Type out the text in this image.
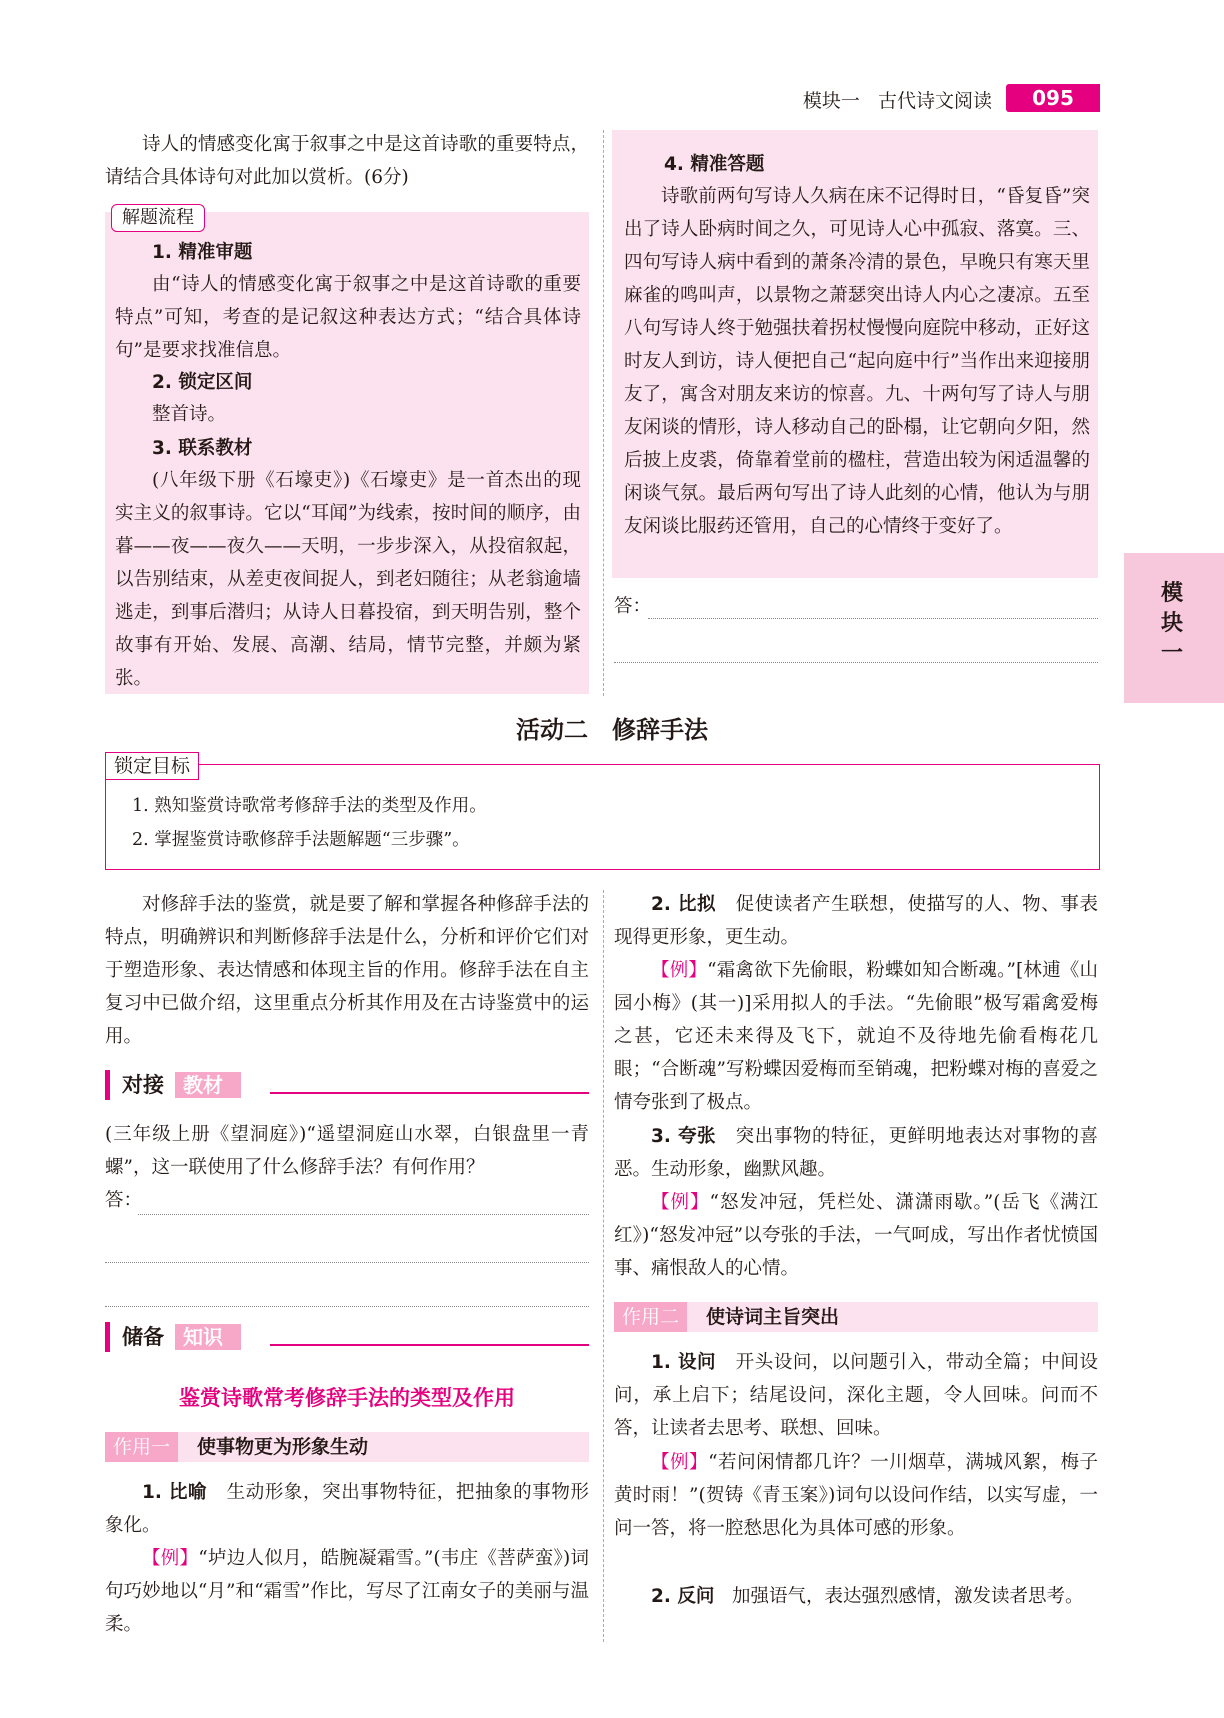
模块一 古代诗文阅读	095
模块一

诗人的情感变化寓于叙事之中是这首诗歌的重要特点，请结合具体诗句对此加以赏析。(6分)

解题流程

1. 精准审题

由“诗人的情感变化寓于叙事之中是这首诗歌的重要特点”可知，考查的是记叙这种表达方式；“结合具体诗句”是要求找准信息。

2. 锁定区间

整首诗。

3. 联系教材

(八年级下册《石壕吏》)《石壕吏》是一首杰出的现实主义的叙事诗。它以“耳闻”为线索，按时间的顺序，由暮——夜——夜久——天明，一步步深入，从投宿叙起，以告别结束，从差吏夜间捉人，到老妇随往；从老翁逾墙逃走，到事后潜归；从诗人日暮投宿，到天明告别，整个故事有开始、发展、高潮、结局，情节完整，并颇为紧张。

4. 精准答题

诗歌前两句写诗人久病在床不记得时日，“昏复昏”突出了诗人卧病时间之久，可见诗人心中孤寂、落寞。三、四句写诗人病中看到的萧条冷清的景色，早晚只有寒天里麻雀的鸣叫声，以景物之萧瑟突出诗人内心之凄凉。五至八句写诗人终于勉强扶着拐杖慢慢向庭院中移动，正好这时友人到访，诗人便把自己“起向庭中行”当作出来迎接朋友了，寓含对朋友来访的惊喜。九、十两句写了诗人与朋友闲谈的情形，诗人移动自己的卧榻，让它朝向夕阳，然后披上皮裘，倚靠着堂前的楹柱，营造出较为闲适温馨的闲谈气氛。最后两句写出了诗人此刻的心情，他认为与朋友闲谈比服药还管用，自己的心情终于变好了。

答：

活动二　修辞手法
锁定目标

1. 熟知鉴赏诗歌常考修辞手法的类型及作用。

2. 掌握鉴赏诗歌修辞手法题解题“三步骤”。

对修辞手法的鉴赏，就是要了解和掌握各种修辞手法的特点，明确辨识和判断修辞手法是什么，分析和评价它们对于塑造形象、表达情感和体现主旨的作用。修辞手法在自主复习中已做介绍，这里重点分析其作用及在古诗鉴赏中的运用。

对接 教材

(三年级上册《望洞庭》)“遥望洞庭山水翠，白银盘里一青螺”，这一联使用了什么修辞手法？有何作用？

答：

储备 知识
鉴赏诗歌常考修辞手法的类型及作用
作用一	使事物更为形象生动

1. 比喻 生动形象，突出事物特征，把抽象的事物形象化。

【例】“垆边人似月，皓腕凝霜雪。”(韦庄《菩萨蛮》)词句巧妙地以“月”和“霜雪”作比，写尽了江南女子的美丽与温柔。

2. 比拟 促使读者产生联想，使描写的人、物、事表现得更形象，更生动。

【例】“霜禽欲下先偷眼，粉蝶如知合断魂。”[林逋《山园小梅》(其一)]采用拟人的手法。“先偷眼”极写霜禽爱梅之甚，它还未来得及飞下，就迫不及待地先偷看梅花几眼；“合断魂”写粉蝶因爱梅而至销魂，把粉蝶对梅的喜爱之情夸张到了极点。

3. 夸张 突出事物的特征，更鲜明地表达对事物的喜恶。生动形象，幽默风趣。

【例】“怒发冲冠，凭栏处、潇潇雨歇。”(岳飞《满江红》)“怒发冲冠”以夸张的手法，一气呵成，写出作者忧愤国事、痛恨敌人的心情。

作用二	使诗词主旨突出

1. 设问 开头设问，以问题引入，带动全篇；中间设问，承上启下；结尾设问，深化主题，令人回味。问而不答，让读者去思考、联想、回味。

【例】“若问闲情都几许？一川烟草，满城风絮，梅子黄时雨！”(贺铸《青玉案》)词句以设问作结，以实写虚，一问一答，将一腔愁思化为具体可感的形象。

2. 反问 加强语气，表达强烈感情，激发读者思考。
